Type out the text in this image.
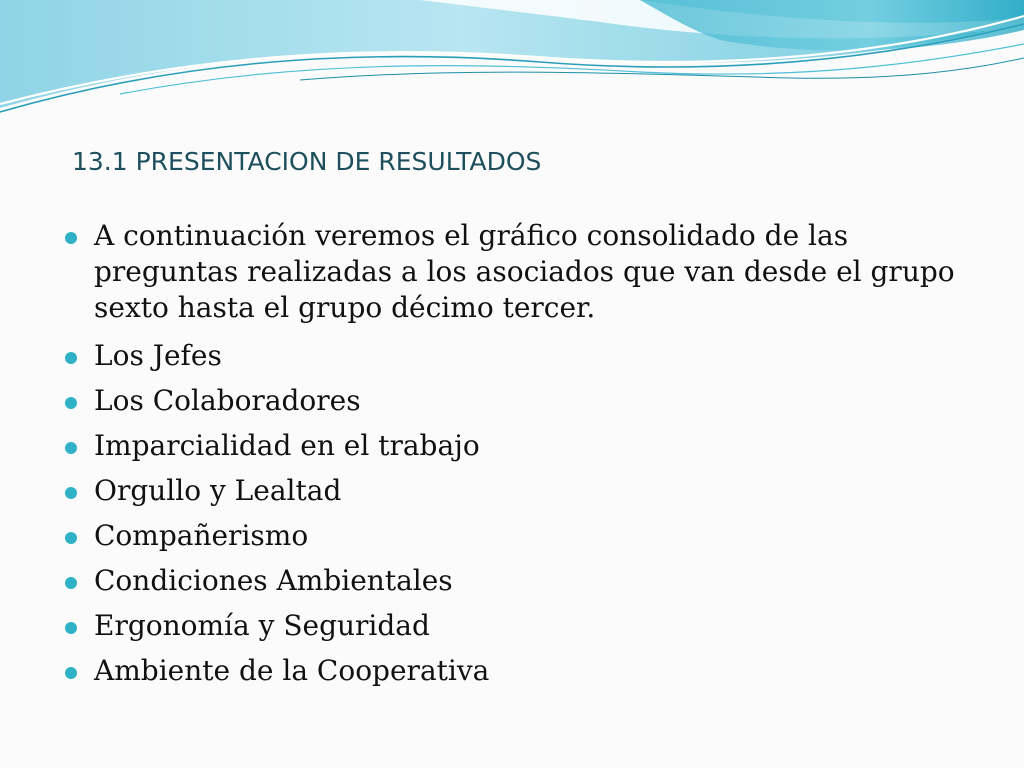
13.1 PRESENTACION DE RESULTADOS
A continuación veremos el gráfico consolidado de las preguntas realizadas a los asociados que van desde el grupo sexto hasta el grupo décimo tercer.
Los Jefes
Los Colaboradores
Imparcialidad en el trabajo
Orgullo y Lealtad
Compañerismo
Condiciones Ambientales
Ergonomía y Seguridad
Ambiente de la Cooperativa
